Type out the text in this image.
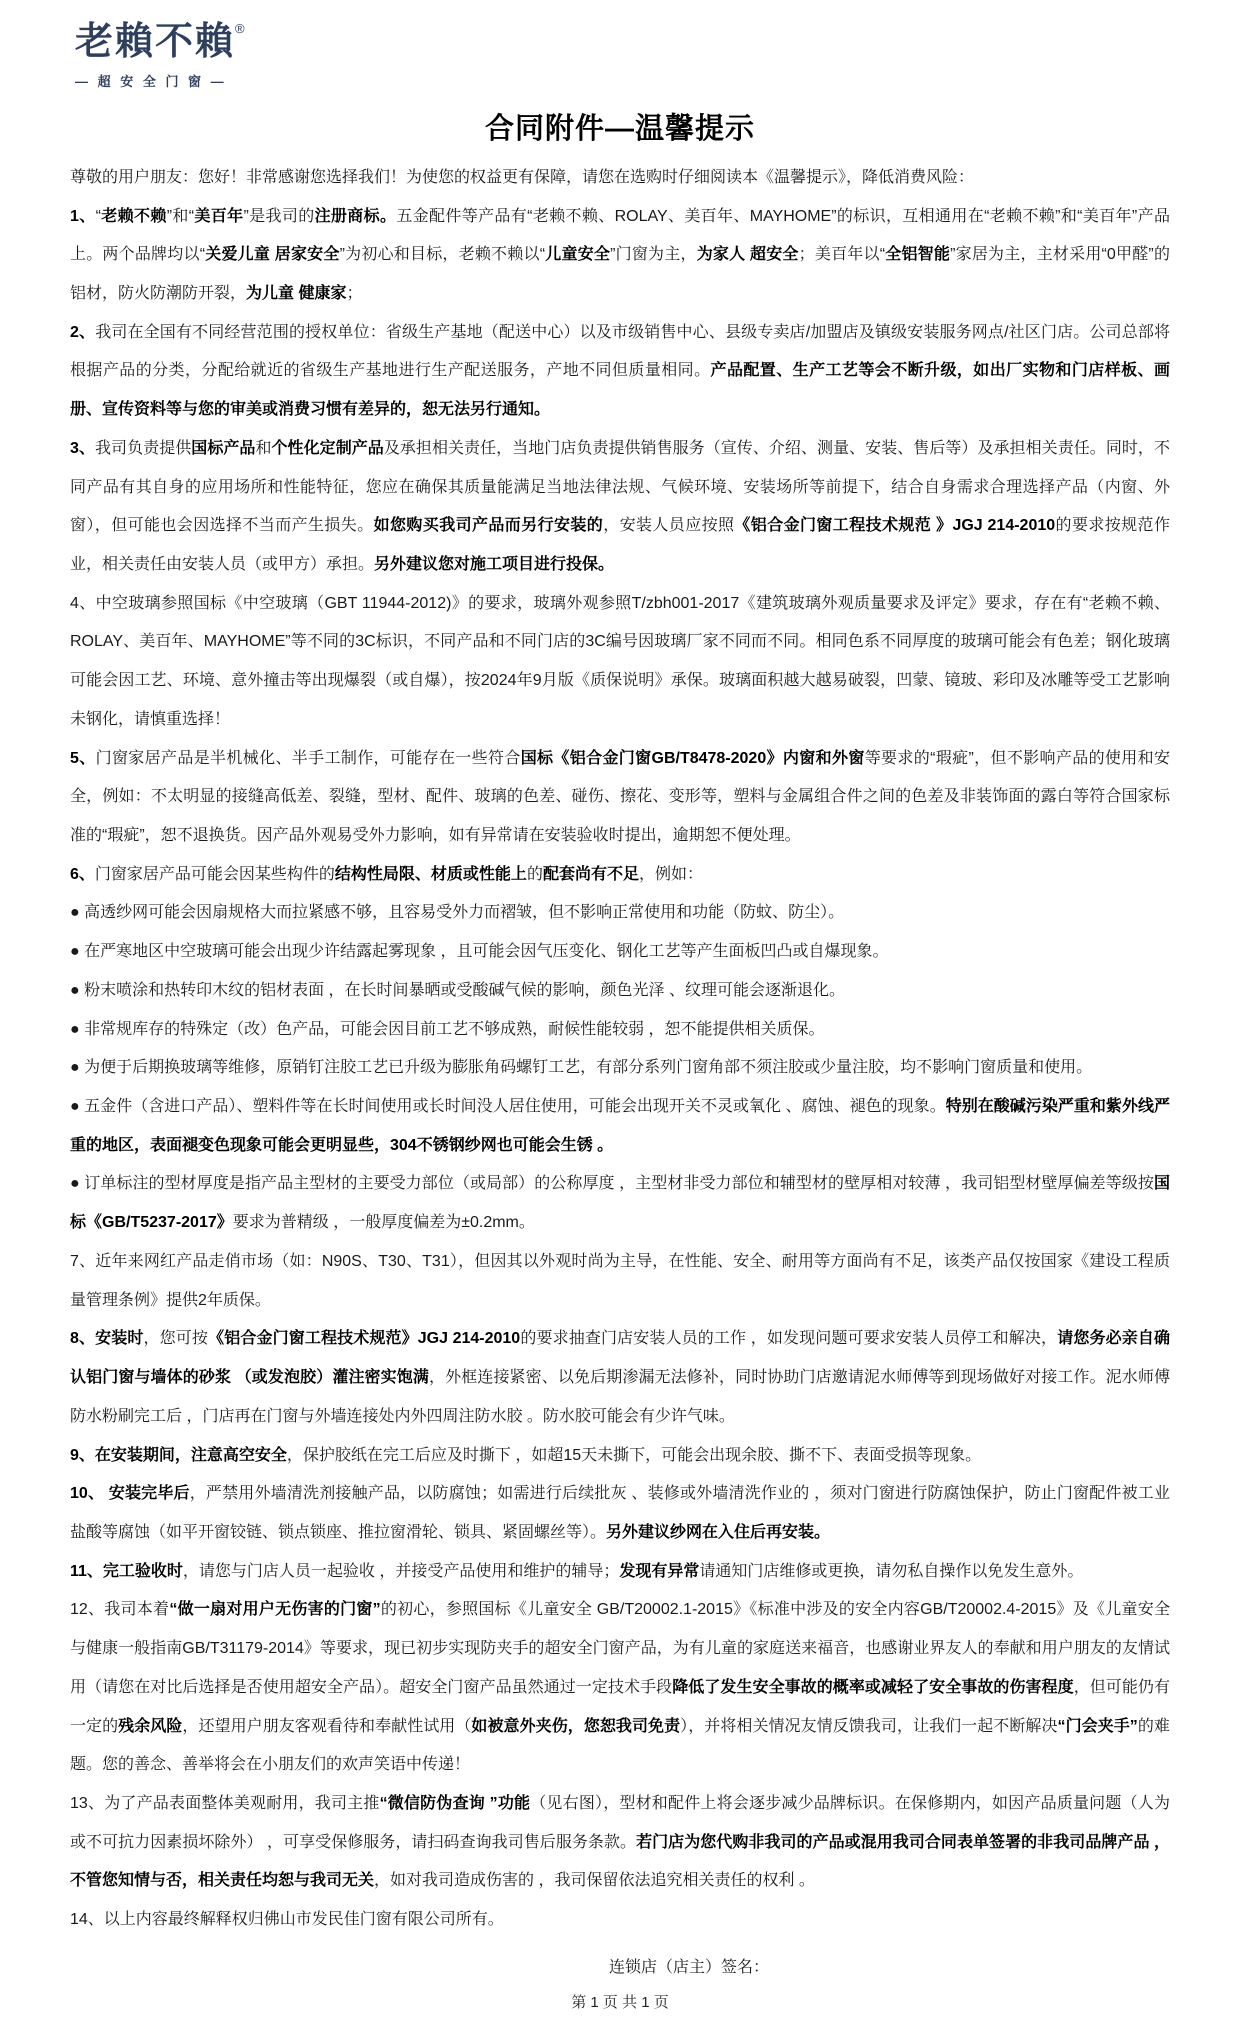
老賴不賴®
— 超 安 全 门 窗 —
合同附件—温馨提示

尊敬的用户朋友：您好！非常感谢您选择我们！为使您的权益更有保障，请您在选购时仔细阅读本《温馨提示》，降低消费风险：

1、“老赖不赖”和“美百年”是我司的注册商标。五金配件等产品有“老赖不赖、ROLAY、美百年、MAYHOME”的标识，互相通用在“老赖不赖”和“美百年”产品上。两个品牌均以“关爱儿童 居家安全”为初心和目标，老赖不赖以“儿童安全”门窗为主，为家人 超安全；美百年以“全铝智能”家居为主，主材采用“0甲醛”的铝材，防火防潮防开裂，为儿童 健康家；

2、我司在全国有不同经营范围的授权单位：省级生产基地（配送中心）以及市级销售中心、县级专卖店/加盟店及镇级安装服务网点/社区门店。公司总部将根据产品的分类，分配给就近的省级生产基地进行生产配送服务，产地不同但质量相同。产品配置、生产工艺等会不断升级，如出厂实物和门店样板、画册、宣传资料等与您的审美或消费习惯有差异的，恕无法另行通知。

3、我司负责提供国标产品和个性化定制产品及承担相关责任，当地门店负责提供销售服务（宣传、介绍、测量、安装、售后等）及承担相关责任。同时，不同产品有其自身的应用场所和性能特征，您应在确保其质量能满足当地法律法规、气候环境、安装场所等前提下，结合自身需求合理选择产品（内窗、外窗），但可能也会因选择不当而产生损失。如您购买我司产品而另行安装的，安装人员应按照《铝合金门窗工程技术规范 》JGJ 214-2010的要求按规范作业，相关责任由安装人员（或甲方）承担。另外建议您对施工项目进行投保。

4、中空玻璃参照国标《中空玻璃（GBT 11944-2012)》的要求，玻璃外观参照T/zbh001-2017《建筑玻璃外观质量要求及评定》要求，存在有“老赖不赖、ROLAY、美百年、MAYHOME”等不同的3C标识，不同产品和不同门店的3C编号因玻璃厂家不同而不同。相同色系不同厚度的玻璃可能会有色差；钢化玻璃可能会因工艺、环境、意外撞击等出现爆裂（或自爆），按2024年9月版《质保说明》承保。玻璃面积越大越易破裂，凹蒙、镜玻、彩印及冰雕等受工艺影响未钢化，请慎重选择！

5、门窗家居产品是半机械化、半手工制作，可能存在一些符合国标《铝合金门窗GB/T8478-2020》内窗和外窗等要求的“瑕疵”，但不影响产品的使用和安全，例如：不太明显的接缝高低差、裂缝，型材、配件、玻璃的色差、碰伤、擦花、变形等，塑料与金属组合件之间的色差及非装饰面的露白等符合国家标准的“瑕疵”，恕不退换货。因产品外观易受外力影响，如有异常请在安装验收时提出，逾期恕不便处理。

6、门窗家居产品可能会因某些构件的结构性局限、材质或性能上的配套尚有不足，例如：

● 高透纱网可能会因扇规格大而拉紧感不够，且容易受外力而褶皱，但不影响正常使用和功能（防蚊、防尘）。

● 在严寒地区中空玻璃可能会出现少许结露起雾现象 ，且可能会因气压变化、钢化工艺等产生面板凹凸或自爆现象。

● 粉末喷涂和热转印木纹的铝材表面 ，在长时间暴晒或受酸碱气候的影响，颜色光泽 、纹理可能会逐渐退化。

● 非常规库存的特殊定（改）色产品，可能会因目前工艺不够成熟，耐候性能较弱 ，恕不能提供相关质保。

● 为便于后期换玻璃等维修，原销钉注胶工艺已升级为膨胀角码螺钉工艺，有部分系列门窗角部不须注胶或少量注胶，均不影响门窗质量和使用。

● 五金件（含进口产品）、塑料件等在长时间使用或长时间没人居住使用，可能会出现开关不灵或氧化 、腐蚀、褪色的现象。特别在酸碱污染严重和紫外线严重的地区，表面褪变色现象可能会更明显些，304不锈钢纱网也可能会生锈 。

● 订单标注的型材厚度是指产品主型材的主要受力部位（或局部）的公称厚度 ，主型材非受力部位和辅型材的壁厚相对较薄 ，我司铝型材壁厚偏差等级按国标《GB/T5237-2017》要求为普精级 ，一般厚度偏差为±0.2mm。

7、近年来网红产品走俏市场（如：N90S、T30、T31），但因其以外观时尚为主导，在性能、安全、耐用等方面尚有不足，该类产品仅按国家《建设工程质量管理条例》提供2年质保。

8、安装时，您可按《铝合金门窗工程技术规范》JGJ 214-2010的要求抽查门店安装人员的工作 ，如发现问题可要求安装人员停工和解决，请您务必亲自确认铝门窗与墙体的砂浆 （或发泡胶）灌注密实饱满，外框连接紧密、以免后期渗漏无法修补，同时协助门店邀请泥水师傅等到现场做好对接工作。泥水师傅防水粉刷完工后 ，门店再在门窗与外墙连接处内外四周注防水胶 。防水胶可能会有少许气味。

9、在安装期间，注意高空安全，保护胶纸在完工后应及时撕下 ，如超15天未撕下，可能会出现余胶、撕不下、表面受损等现象。

10、 安装完毕后，严禁用外墙清洗剂接触产品，以防腐蚀；如需进行后续批灰 、装修或外墙清洗作业的 ，须对门窗进行防腐蚀保护，防止门窗配件被工业盐酸等腐蚀（如平开窗铰链、锁点锁座、推拉窗滑轮、锁具、紧固螺丝等）。另外建议纱网在入住后再安装。

11、完工验收时，请您与门店人员一起验收 ，并接受产品使用和维护的辅导；发现有异常请通知门店维修或更换，请勿私自操作以免发生意外。

12、我司本着“做一扇对用户无伤害的门窗”的初心，参照国标《儿童安全 GB/T20002.1-2015》《标准中涉及的安全内容GB/T20002.4-2015》及《儿童安全与健康一般指南GB/T31179-2014》等要求，现已初步实现防夹手的超安全门窗产品，为有儿童的家庭送来福音，也感谢业界友人的奉献和用户朋友的友情试用（请您在对比后选择是否使用超安全产品）。超安全门窗产品虽然通过一定技术手段降低了发生安全事故的概率或减轻了安全事故的伤害程度，但可能仍有一定的残余风险，还望用户朋友客观看待和奉献性试用（如被意外夹伤，您恕我司免责），并将相关情况友情反馈我司，让我们一起不断解决“门会夹手”的难题。您的善念、善举将会在小朋友们的欢声笑语中传递！

13、为了产品表面整体美观耐用，我司主推“微信防伪查询 ”功能（见右图），型材和配件上将会逐步减少品牌标识。在保修期内，如因产品质量问题（人为或不可抗力因素损坏除外） ，可享受保修服务，请扫码查询我司售后服务条款。若门店为您代购非我司的产品或混用我司合同表单签署的非我司品牌产品 ，不管您知情与否，相关责任均恕与我司无关，如对我司造成伤害的 ，我司保留依法追究相关责任的权利 。

14、以上内容最终解释权归佛山市发民佳门窗有限公司所有。

连锁店（店主）签名：
第 1 页 共 1 页
